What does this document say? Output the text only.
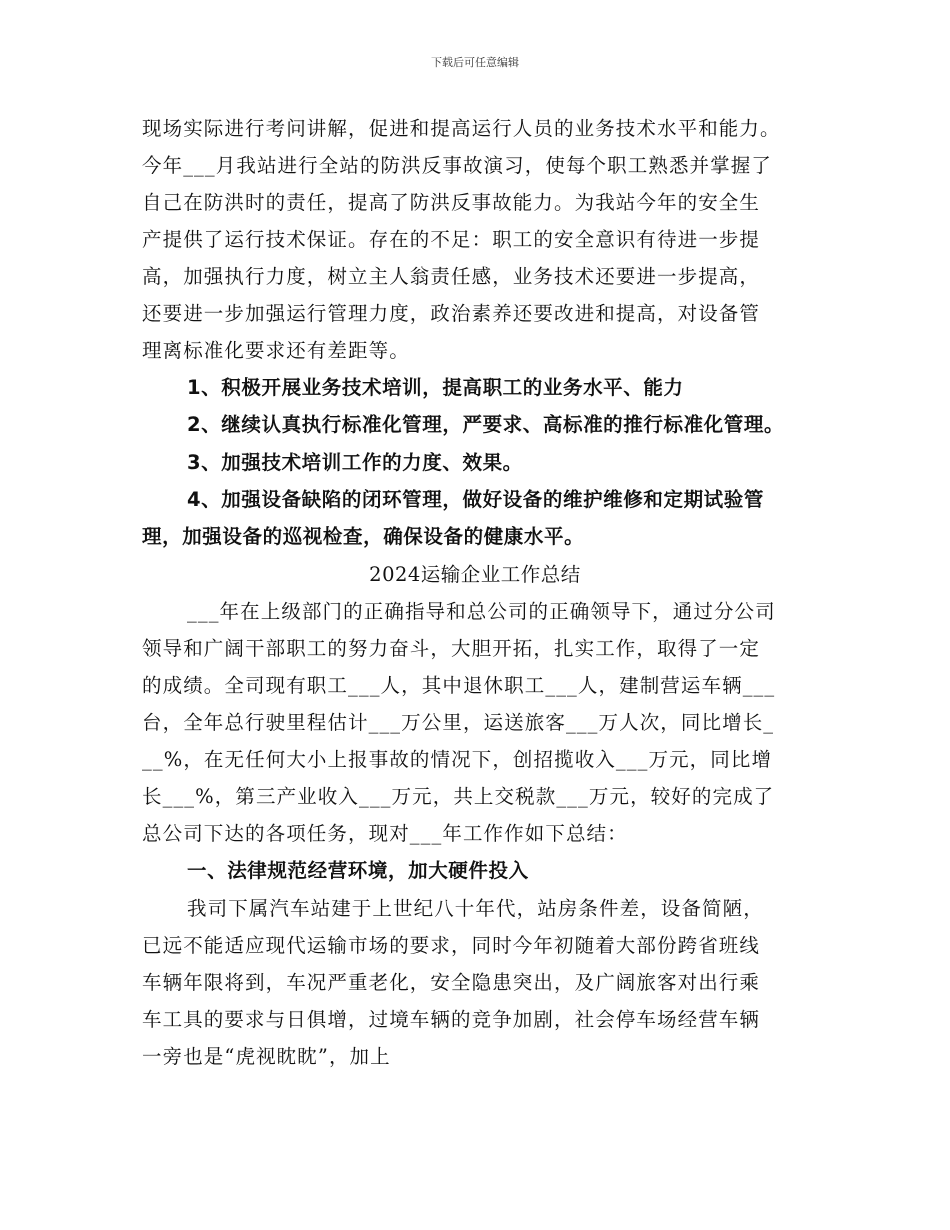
下载后可任意编辑
现场实际进行考问讲解，促进和提高运行人员的业务技术水平和能力。
今年___月我站进行全站的防洪反事故演习，使每个职工熟悉并掌握了
自己在防洪时的责任，提高了防洪反事故能力。为我站今年的安全生
产提供了运行技术保证。存在的不足：职工的安全意识有待进一步提
高，加强执行力度，树立主人翁责任感，业务技术还要进一步提高，
还要进一步加强运行管理力度，政治素养还要改进和提高，对设备管
理离标准化要求还有差距等。
1、积极开展业务技术培训，提高职工的业务水平、能力
2、继续认真执行标准化管理，严要求、高标准的推行标准化管理。
3、加强技术培训工作的力度、效果。
4、加强设备缺陷的闭环管理，做好设备的维护维修和定期试验管
理，加强设备的巡视检查，确保设备的健康水平。
2024运输企业工作总结
___年在上级部门的正确指导和总公司的正确领导下，通过分公司
领导和广阔干部职工的努力奋斗，大胆开拓，扎实工作，取得了一定
的成绩。全司现有职工___人，其中退休职工___人，建制营运车辆___
台，全年总行驶里程估计___万公里，运送旅客___万人次，同比增长_
__%，在无任何大小上报事故的情况下，创招揽收入___万元，同比增
长___%，第三产业收入___万元，共上交税款___万元，较好的完成了
总公司下达的各项任务，现对___年工作作如下总结：
一、法律规范经营环境，加大硬件投入
我司下属汽车站建于上世纪八十年代，站房条件差，设备简陋，
已远不能适应现代运输市场的要求，同时今年初随着大部份跨省班线
车辆年限将到，车况严重老化，安全隐患突出，及广阔旅客对出行乘
车工具的要求与日俱增，过境车辆的竞争加剧，社会停车场经营车辆
一旁也是“虎视眈眈”，加上
